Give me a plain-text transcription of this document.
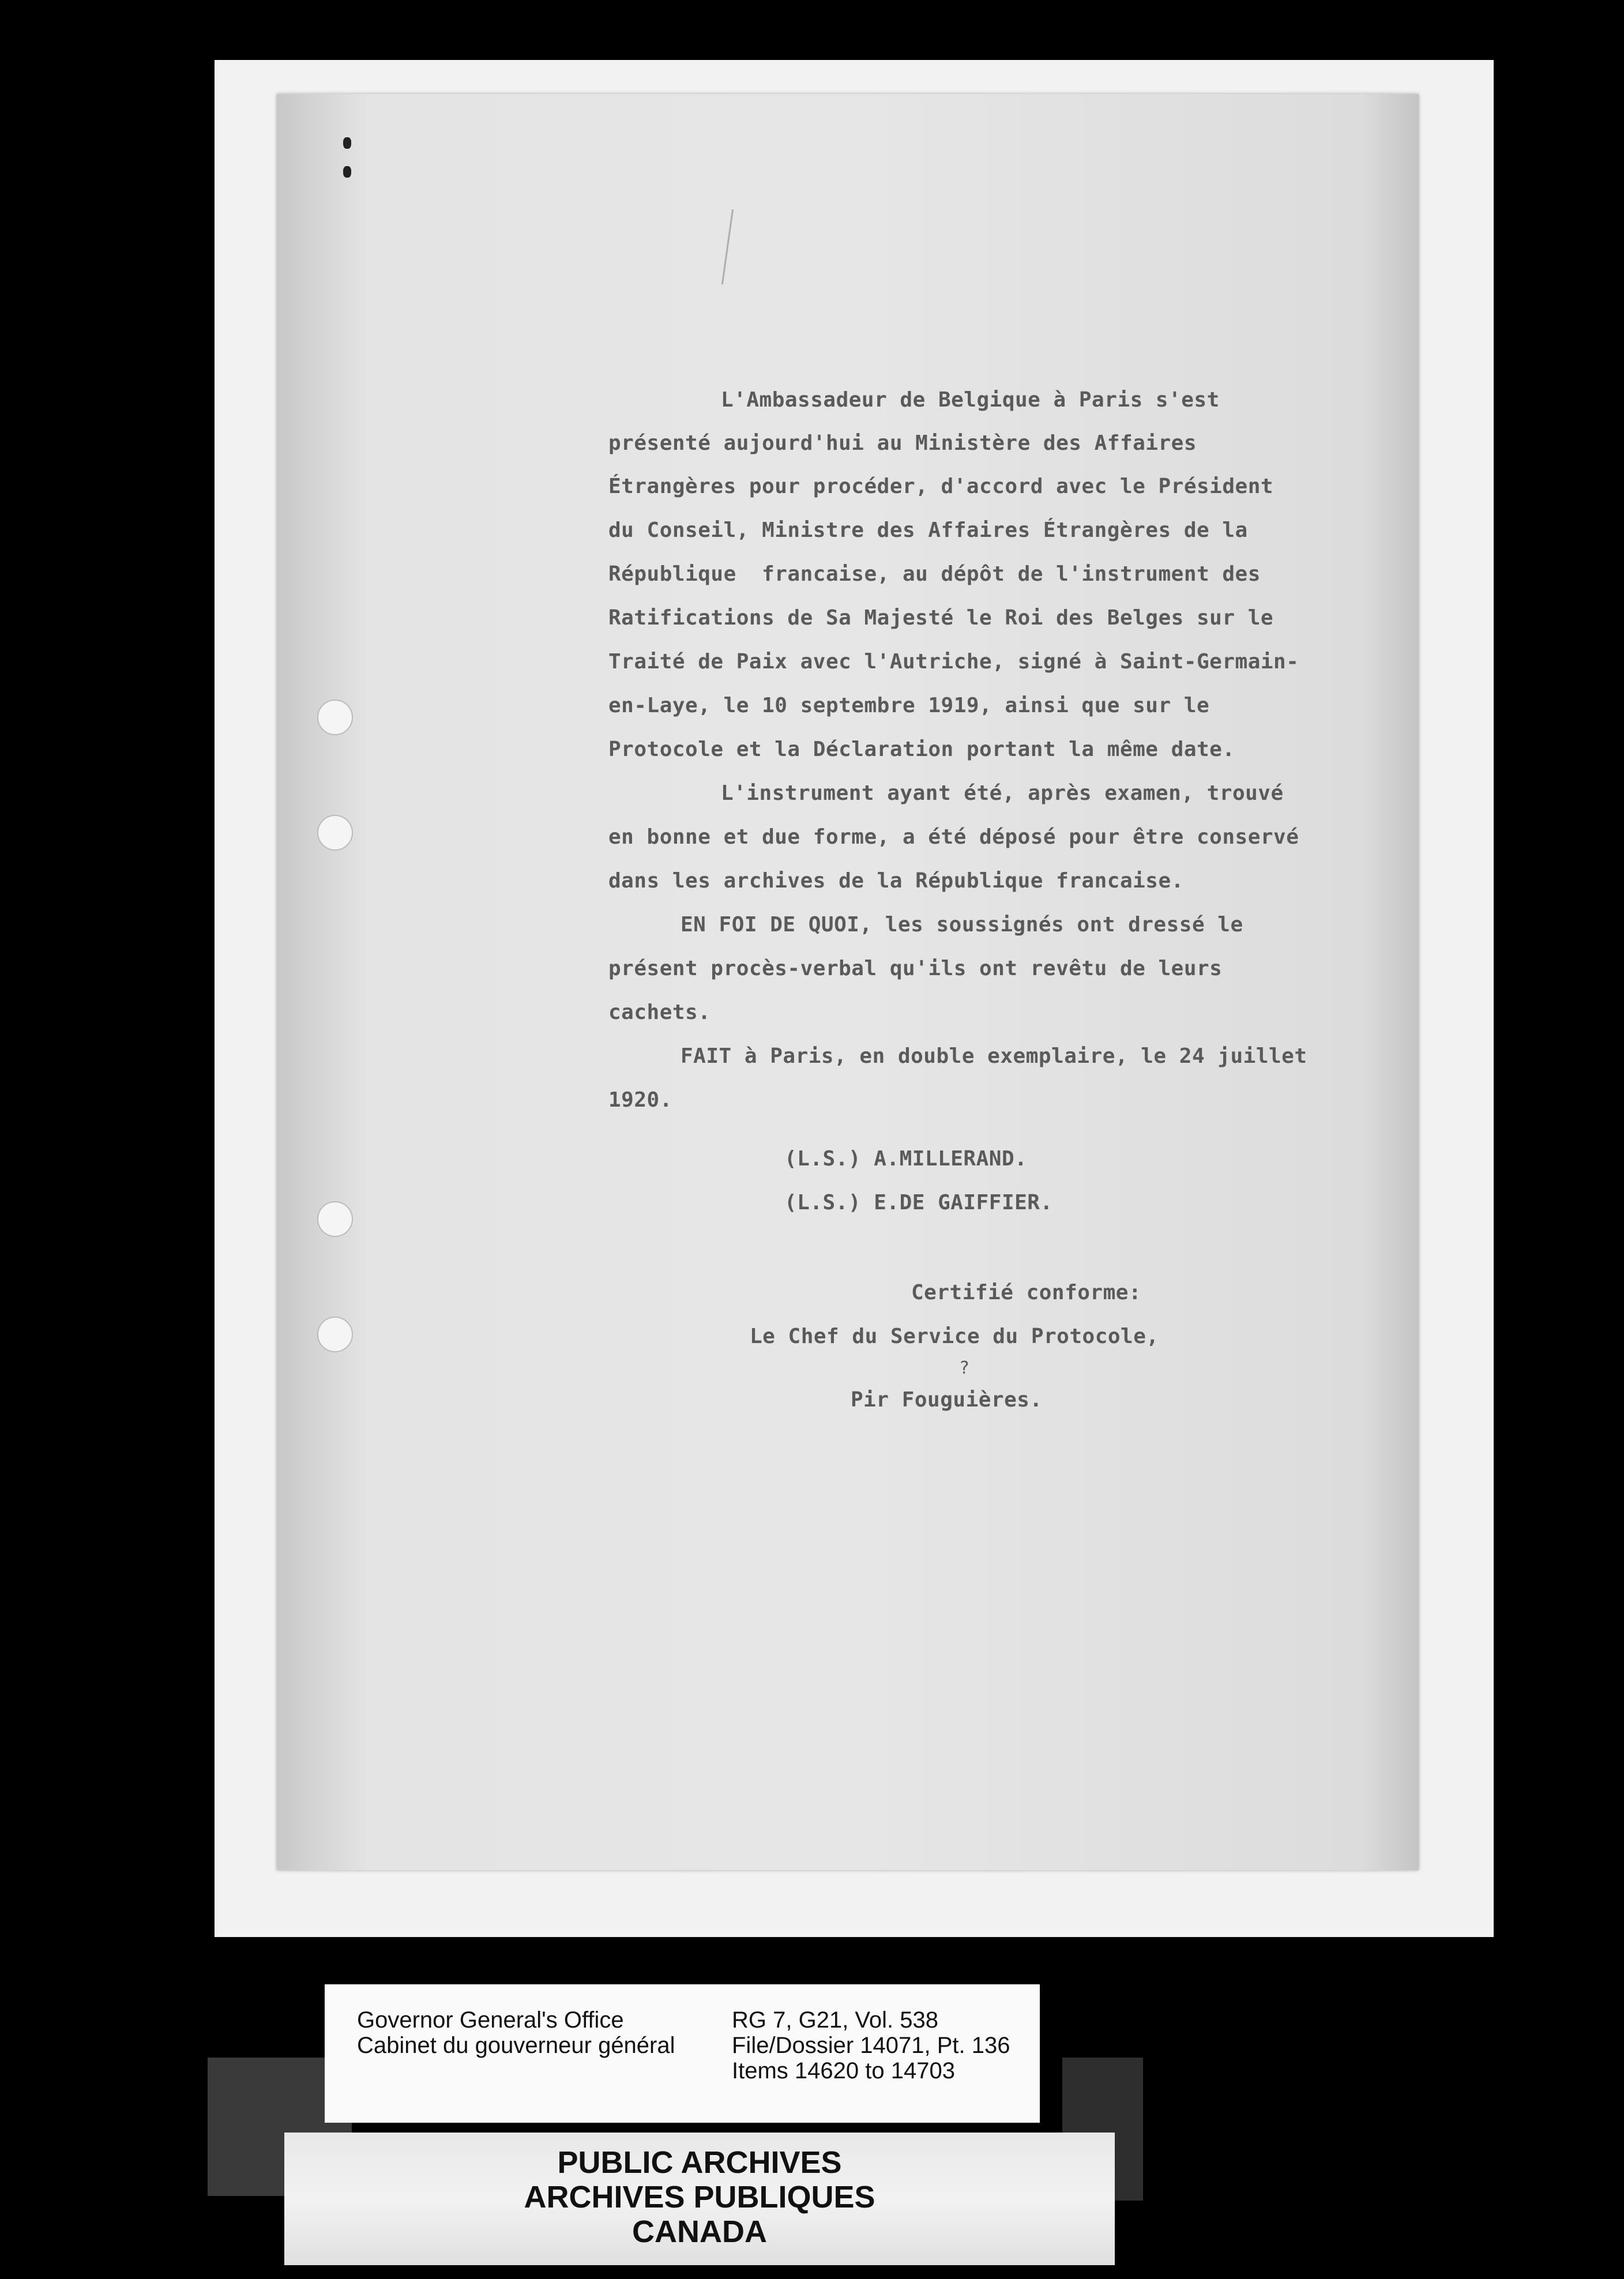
L'Ambassadeur de Belgique à Paris s'est
présenté aujourd'hui au Ministère des Affaires
Étrangères pour procéder, d'accord avec le Président
du Conseil, Ministre des Affaires Étrangères de la
République  francaise, au dépôt de l'instrument des
Ratifications de Sa Majesté le Roi des Belges sur le
Traité de Paix avec l'Autriche, signé à Saint-Germain-
en-Laye, le 10 septembre 1919, ainsi que sur le
Protocole et la Déclaration portant la même date.
L'instrument ayant été, après examen, trouvé
en bonne et due forme, a été déposé pour être conservé
dans les archives de la République francaise.
EN FOI DE QUOI, les soussignés ont dressé le
présent procès-verbal qu'ils ont revêtu de leurs
cachets.
FAIT à Paris, en double exemplaire, le 24 juillet
1920.
(L.S.) A.MILLERAND.
(L.S.) E.DE GAIFFIER.
Certifié conforme:
Le Chef du Service du Protocole,
?
Pir Fouguières.
Governor General's Office
Cabinet du gouverneur général
RG 7, G21, Vol. 538
File/Dossier 14071, Pt. 136
Items 14620 to 14703
PUBLIC ARCHIVES
ARCHIVES PUBLIQUES
CANADA
